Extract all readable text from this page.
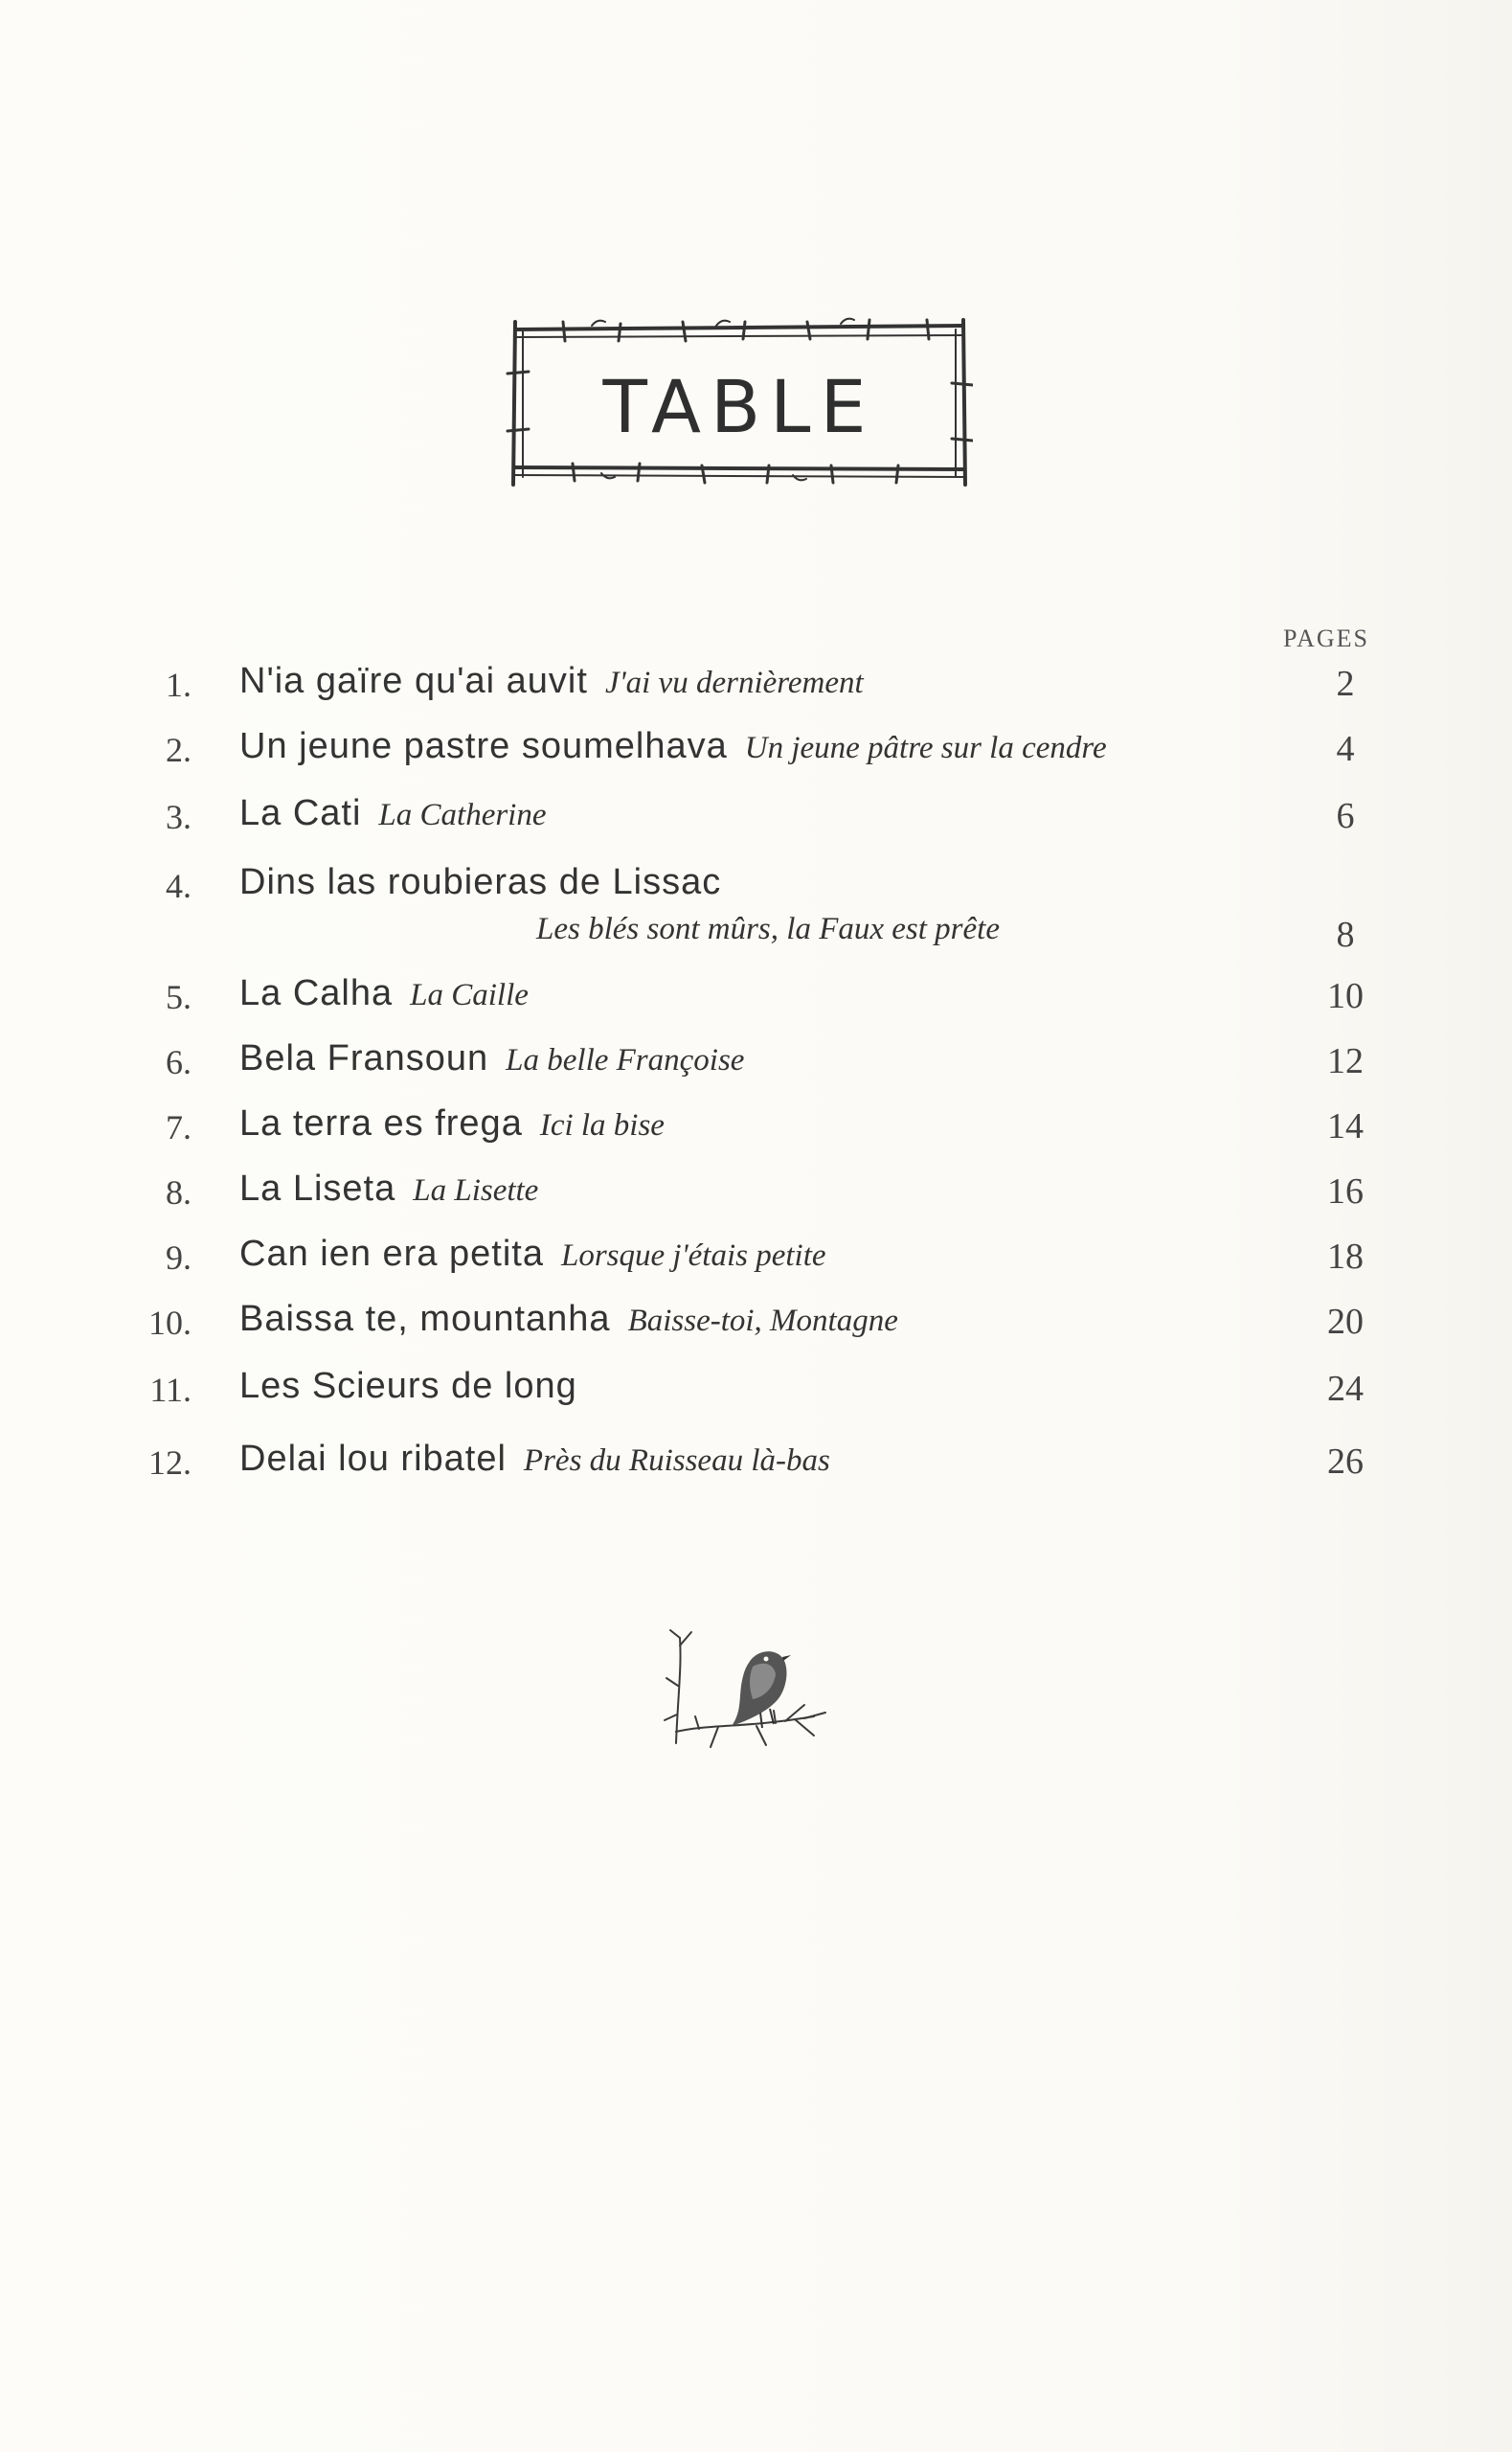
TABLE
PAGES
1. N'ia gaïre qu'ai auvit J'ai vu dernièrement	2
2. Un jeune pastre soumelhava Un jeune pâtre sur la cendre	4
3. La Cati La Catherine	6
4. Dins las roubieras de Lissac
Les blés sont mûrs, la Faux est prête	8
5. La Calha La Caille	10
6. Bela Fransoun La belle Françoise	12
7. La terra es frega Ici la bise	14
8. La Liseta La Lisette	16
9. Can ien era petita Lorsque j'étais petite	18
10. Baissa te, mountanha Baisse-toi, Montagne	20
11. Les Scieurs de long	24
12. Delai lou ribatel Près du Ruisseau là-bas	26
